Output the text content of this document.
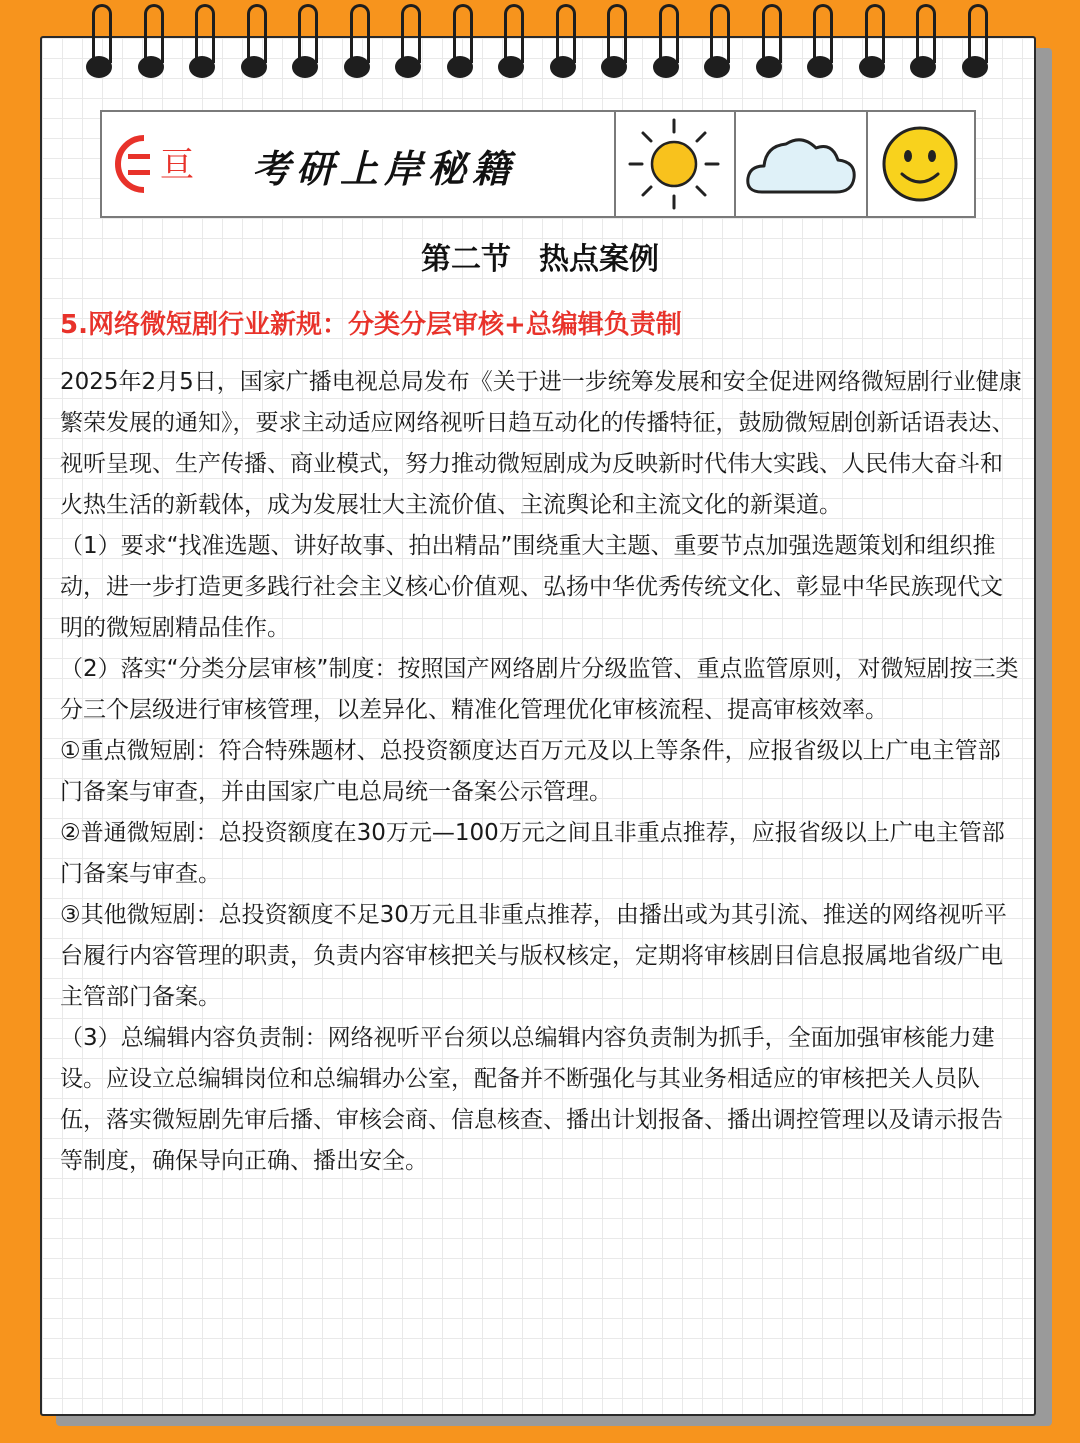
亘 考研上岸秘籍
第二节 热点案例
5.网络微短剧行业新规：分类分层审核+总编辑负责制

2025年2月5日，国家广播电视总局发布《关于进一步统筹发展和安全促进网络微短剧行业健康繁荣发展的通知》，要求主动适应网络视听日趋互动化的传播特征，鼓励微短剧创新话语表达、视听呈现、生产传播、商业模式，努力推动微短剧成为反映新时代伟大实践、人民伟大奋斗和火热生活的新载体，成为发展壮大主流价值、主流舆论和主流文化的新渠道。

（1）要求“找准选题、讲好故事、拍出精品”围绕重大主题、重要节点加强选题策划和组织推动，进一步打造更多践行社会主义核心价值观、弘扬中华优秀传统文化、彰显中华民族现代文明的微短剧精品佳作。

（2）落实“分类分层审核”制度：按照国产网络剧片分级监管、重点监管原则，对微短剧按三类分三个层级进行审核管理，以差异化、精准化管理优化审核流程、提高审核效率。

①重点微短剧：符合特殊题材、总投资额度达百万元及以上等条件，应报省级以上广电主管部门备案与审查，并由国家广电总局统一备案公示管理。

②普通微短剧：总投资额度在30万元—100万元之间且非重点推荐，应报省级以上广电主管部门备案与审查。

③其他微短剧：总投资额度不足30万元且非重点推荐，由播出或为其引流、推送的网络视听平台履行内容管理的职责，负责内容审核把关与版权核定，定期将审核剧目信息报属地省级广电主管部门备案。

（3）总编辑内容负责制：网络视听平台须以总编辑内容负责制为抓手，全面加强审核能力建设。应设立总编辑岗位和总编辑办公室，配备并不断强化与其业务相适应的审核把关人员队伍，落实微短剧先审后播、审核会商、信息核查、播出计划报备、播出调控管理以及请示报告等制度，确保导向正确、播出安全。
